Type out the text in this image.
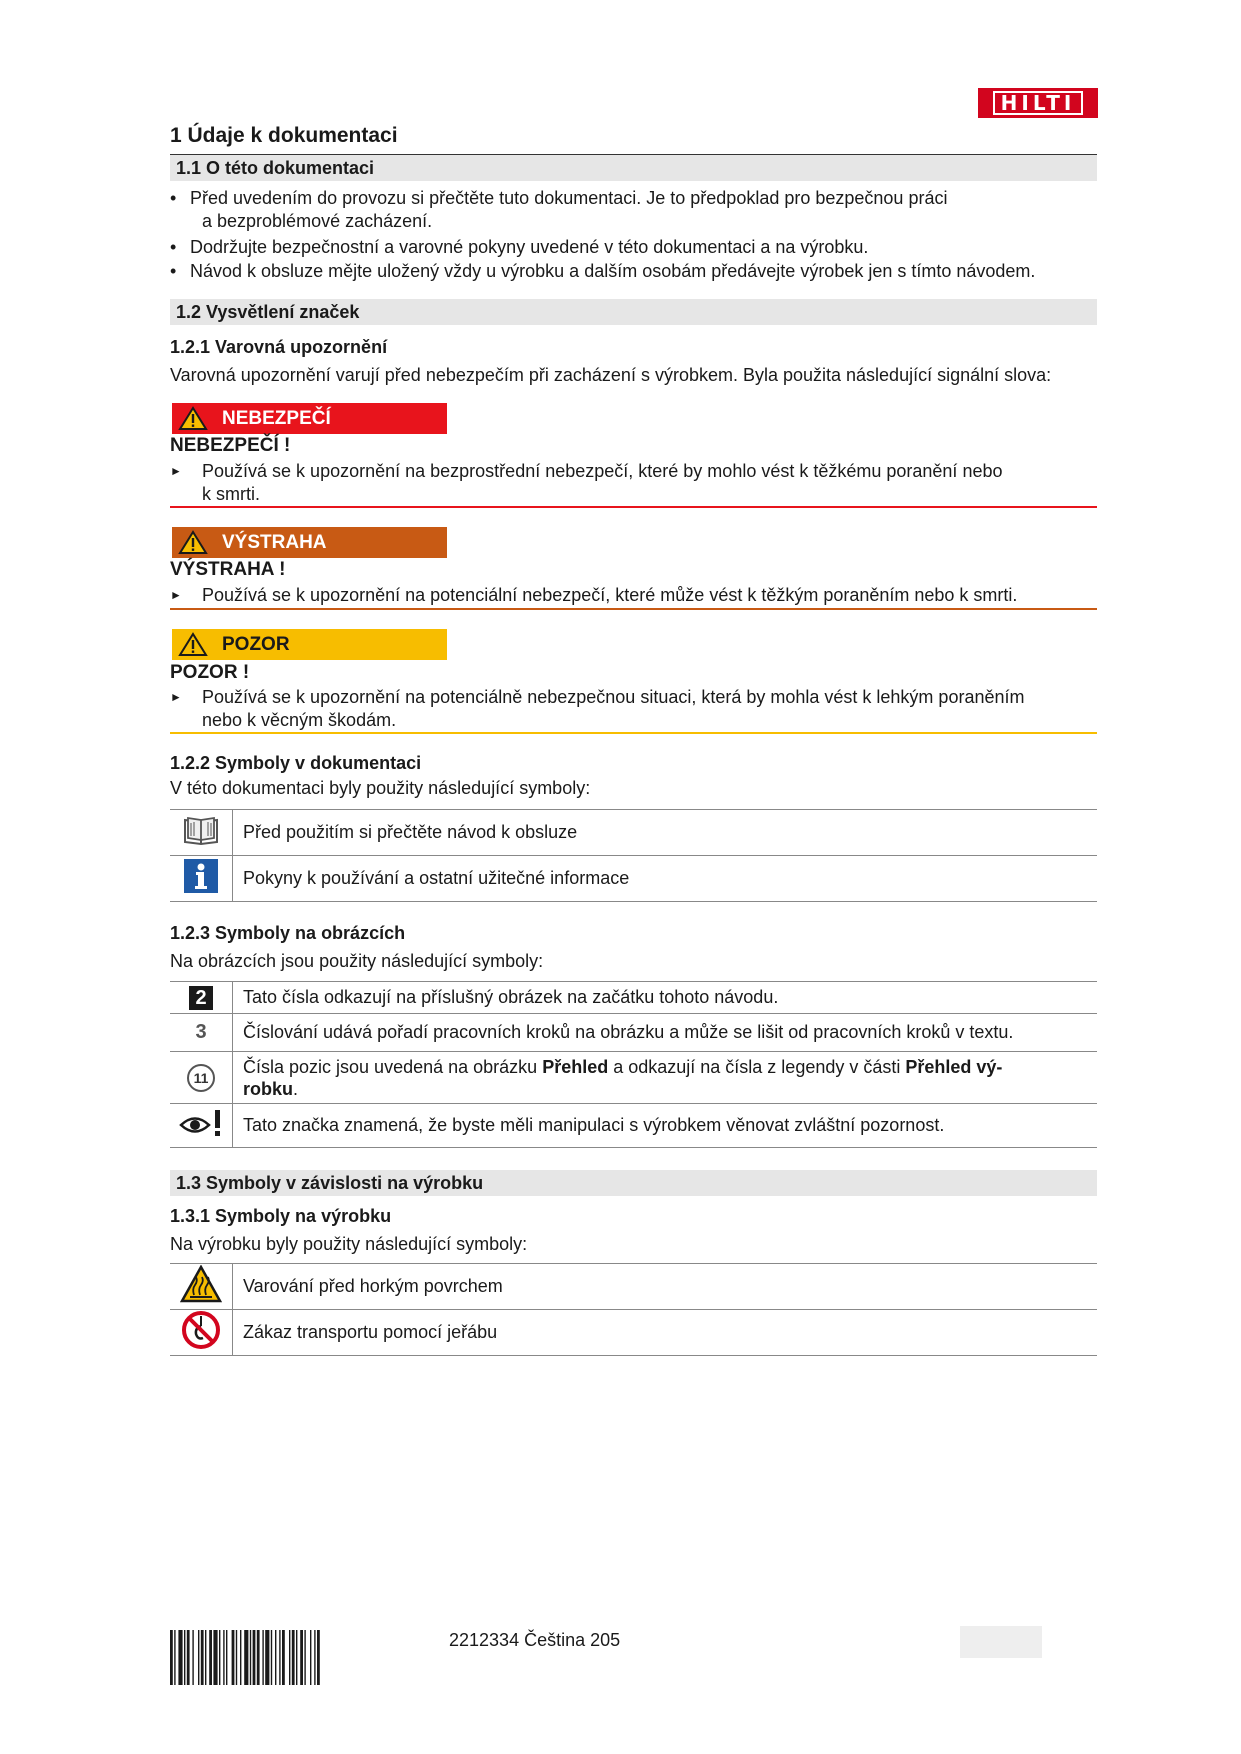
HILTI
1 Údaje k dokumentaci
1.1 O této dokumentaci
• Před uvedením do provozu si přečtěte tuto dokumentaci. Je to předpoklad pro bezpečnou práci
a bezproblémové zacházení.
• Dodržujte bezpečnostní a varovné pokyny uvedené v této dokumentaci a na výrobku.
• Návod k obsluze mějte uložený vždy u výrobku a dalším osobám předávejte výrobek jen s tímto návodem.
1.2 Vysvětlení značek
1.2.1 Varovná upozornění
Varovná upozornění varují před nebezpečím při zacházení s výrobkem. Byla použita následující signální slova:
NEBEZPEČÍ
NEBEZPEČÍ !
►	Používá se k upozornění na bezprostřední nebezpečí, které by mohlo vést k těžkému poranění nebo
k smrti.
VÝSTRAHA
VÝSTRAHA !
►	Používá se k upozornění na potenciální nebezpečí, které může vést k těžkým poraněním nebo k smrti.
POZOR
POZOR !
►	Používá se k upozornění na potenciálně nebezpečnou situaci, která by mohla vést k lehkým poraněním
nebo k věcným škodám.
1.2.2 Symboly v dokumentaci
V této dokumentaci byly použity následující symboly:
	Před použitím si přečtěte návod k obsluze
	Pokyny k používání a ostatní užitečné informace
1.2.3 Symboly na obrázcích
Na obrázcích jsou použity následující symboly:
2	Tato čísla odkazují na příslušný obrázek na začátku tohoto návodu.
3	Číslování udává pořadí pracovních kroků na obrázku a může se lišit od pracovních kroků v textu.
11	Čísla pozic jsou uvedená na obrázku Přehled a odkazují na čísla z legendy v části Přehled vý-
robku.
	Tato značka znamená, že byste měli manipulaci s výrobkem věnovat zvláštní pozornost.
1.3 Symboly v závislosti na výrobku
1.3.1 Symboly na výrobku
Na výrobku byly použity následující symboly:
	Varování před horkým povrchem
	Zákaz transportu pomocí jeřábu
2212334 Čeština 205
